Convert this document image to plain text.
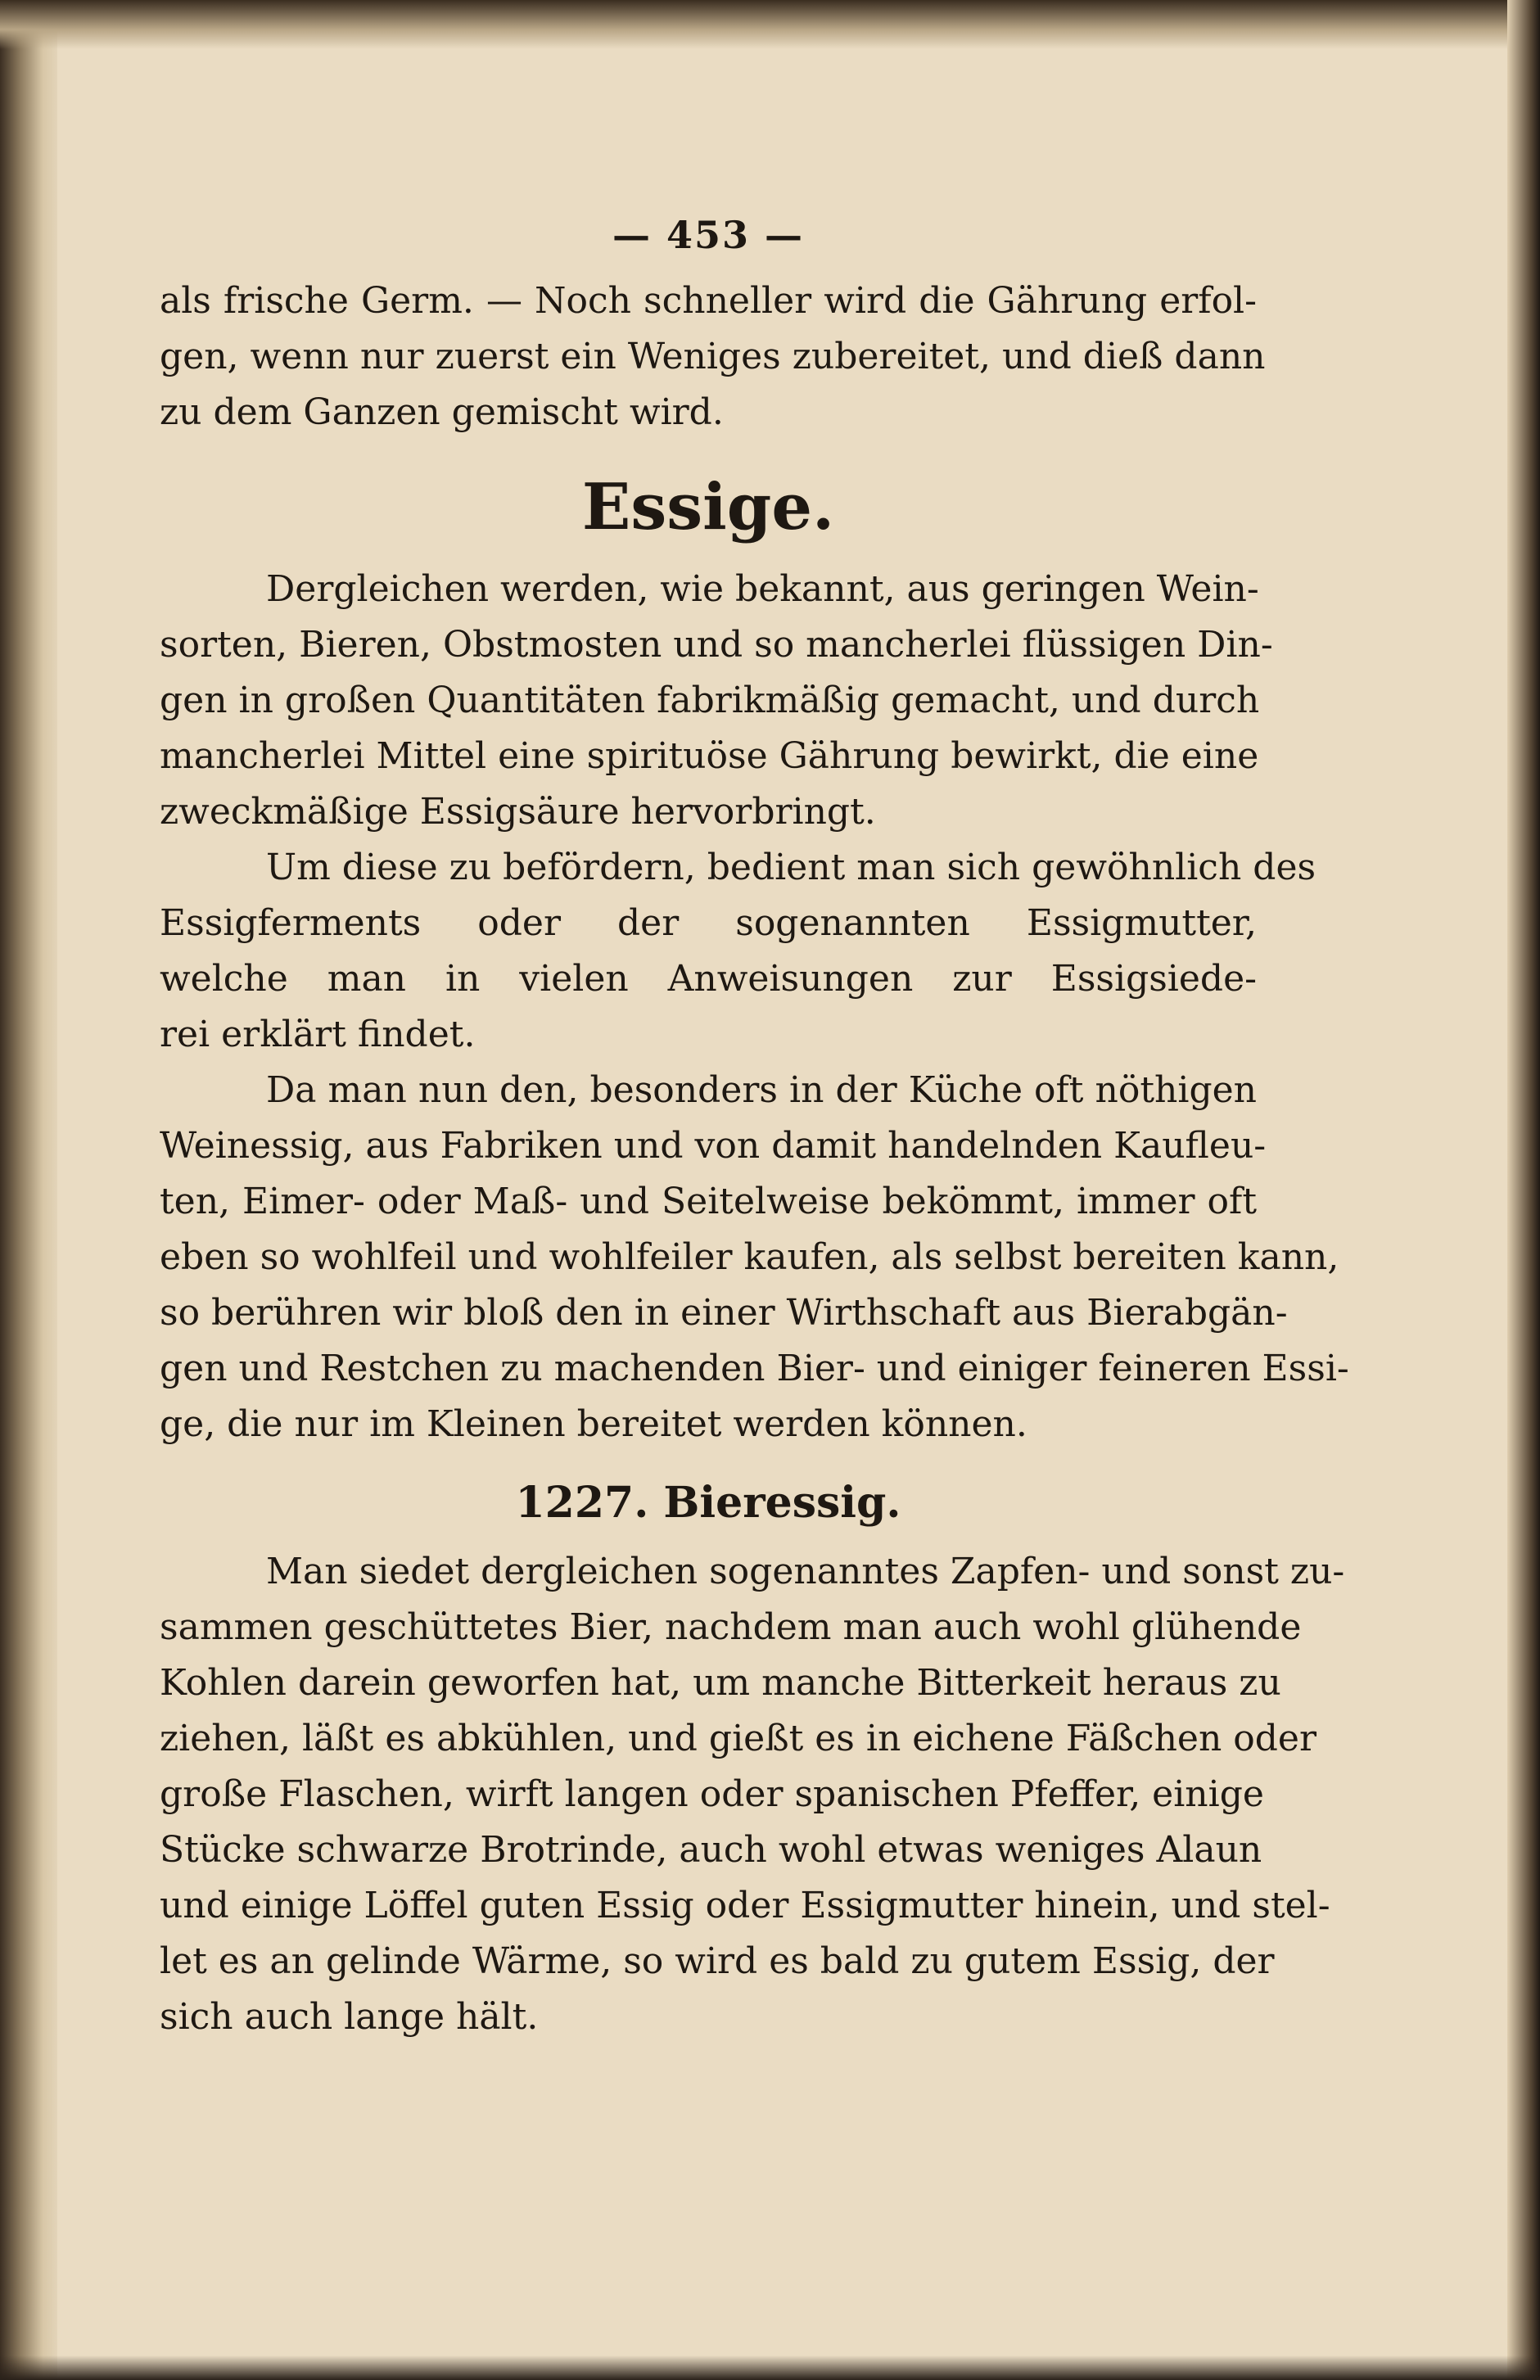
— 453 —
als frische Germ. — Noch schneller wird die Gährung erfol-
gen, wenn nur zuerst ein Weniges zubereitet, und dieß dann
zu dem Ganzen gemischt wird.
Essige.
Dergleichen werden, wie bekannt, aus geringen Wein-
sorten, Bieren, Obstmosten und so mancherlei flüssigen Din-
gen in großen Quantitäten fabrikmäßig gemacht, und durch
mancherlei Mittel eine spirituöse Gährung bewirkt, die eine
zweckmäßige Essigsäure hervorbringt.
Um diese zu befördern, bedient man sich gewöhnlich des
Essigferments oder der sogenannten Essigmutter,
welche man in vielen Anweisungen zur Essigsiede-
rei erklärt findet.
Da man nun den, besonders in der Küche oft nöthigen
Weinessig, aus Fabriken und von damit handelnden Kaufleu-
ten, Eimer- oder Maß- und Seitelweise bekömmt, immer oft
eben so wohlfeil und wohlfeiler kaufen, als selbst bereiten kann,
so berühren wir bloß den in einer Wirthschaft aus Bierabgän-
gen und Restchen zu machenden Bier- und einiger feineren Essi-
ge, die nur im Kleinen bereitet werden können.
1227. Bieressig.
Man siedet dergleichen sogenanntes Zapfen- und sonst zu-
sammen geschüttetes Bier, nachdem man auch wohl glühende
Kohlen darein geworfen hat, um manche Bitterkeit heraus zu
ziehen, läßt es abkühlen, und gießt es in eichene Fäßchen oder
große Flaschen, wirft langen oder spanischen Pfeffer, einige
Stücke schwarze Brotrinde, auch wohl etwas weniges Alaun
und einige Löffel guten Essig oder Essigmutter hinein, und stel-
let es an gelinde Wärme, so wird es bald zu gutem Essig, der
sich auch lange hält.
